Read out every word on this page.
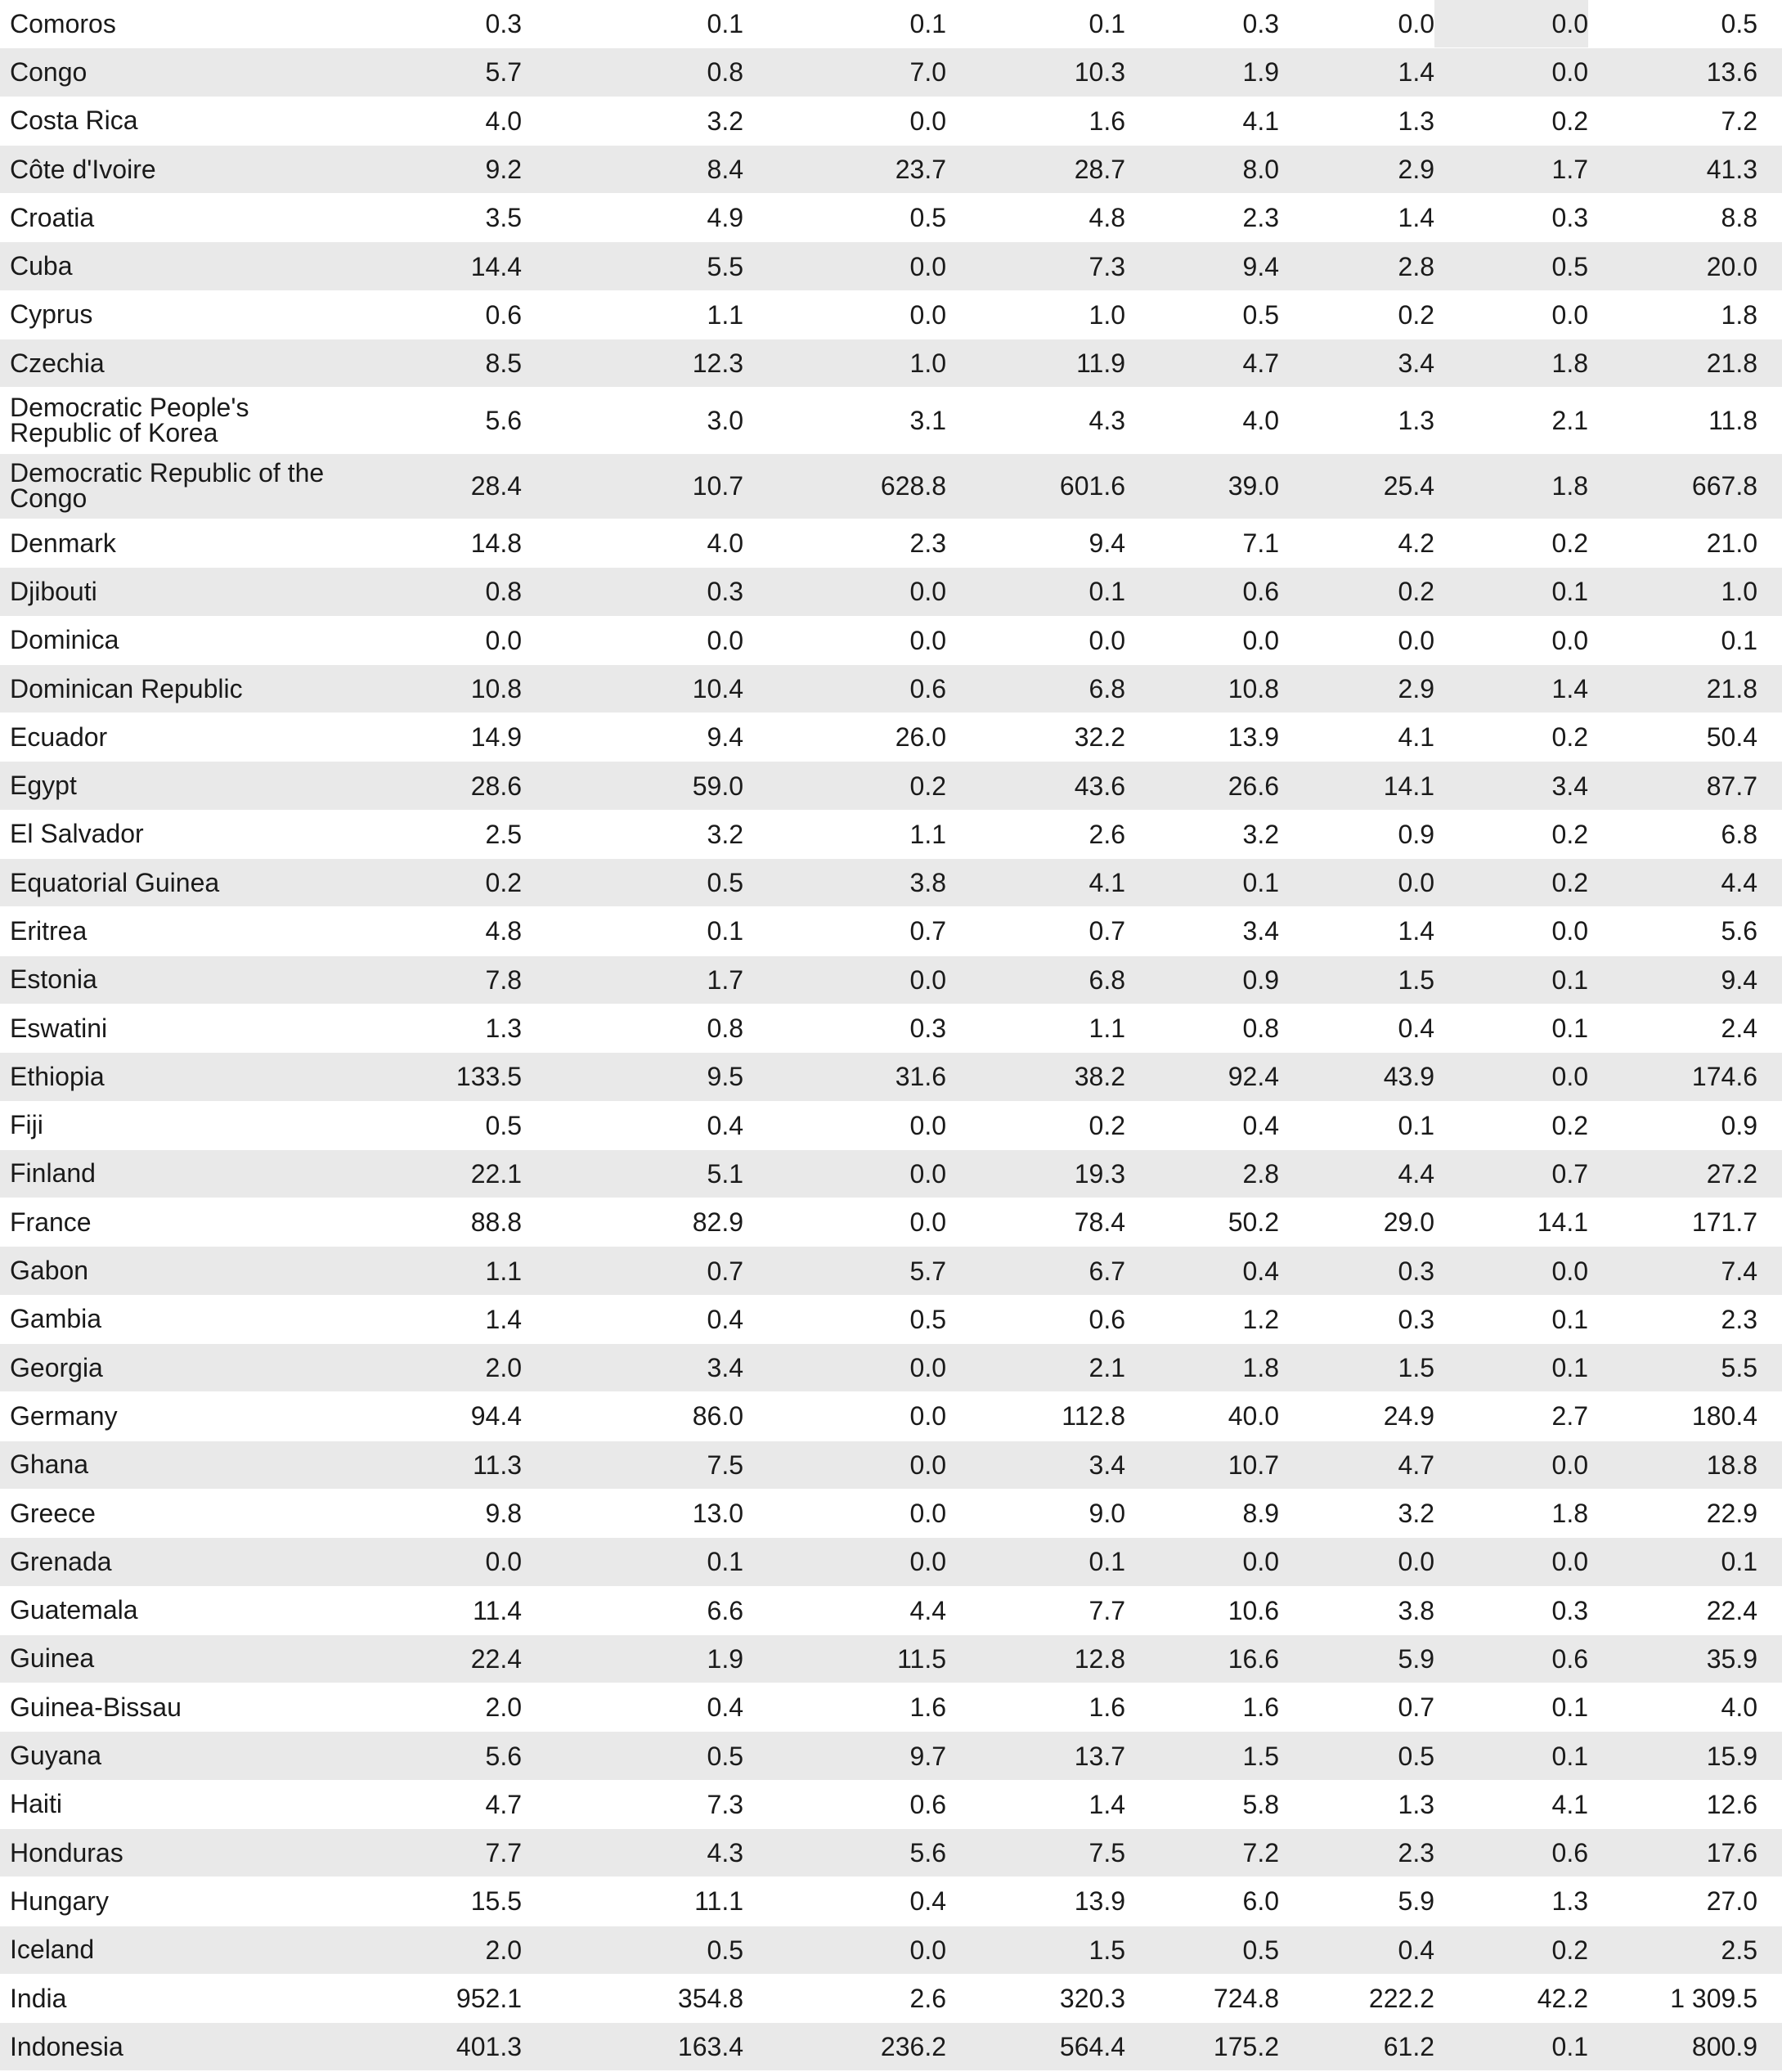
Comoros	0.3	0.1	0.1	0.1	0.3	0.0	0.0	0.5
Congo	5.7	0.8	7.0	10.3	1.9	1.4	0.0	13.6
Costa Rica	4.0	3.2	0.0	1.6	4.1	1.3	0.2	7.2
Côte d'Ivoire	9.2	8.4	23.7	28.7	8.0	2.9	1.7	41.3
Croatia	3.5	4.9	0.5	4.8	2.3	1.4	0.3	8.8
Cuba	14.4	5.5	0.0	7.3	9.4	2.8	0.5	20.0
Cyprus	0.6	1.1	0.0	1.0	0.5	0.2	0.0	1.8
Czechia	8.5	12.3	1.0	11.9	4.7	3.4	1.8	21.8
Democratic People's Republic of Korea	5.6	3.0	3.1	4.3	4.0	1.3	2.1	11.8
Democratic Republic of the Congo	28.4	10.7	628.8	601.6	39.0	25.4	1.8	667.8
Denmark	14.8	4.0	2.3	9.4	7.1	4.2	0.2	21.0
Djibouti	0.8	0.3	0.0	0.1	0.6	0.2	0.1	1.0
Dominica	0.0	0.0	0.0	0.0	0.0	0.0	0.0	0.1
Dominican Republic	10.8	10.4	0.6	6.8	10.8	2.9	1.4	21.8
Ecuador	14.9	9.4	26.0	32.2	13.9	4.1	0.2	50.4
Egypt	28.6	59.0	0.2	43.6	26.6	14.1	3.4	87.7
El Salvador	2.5	3.2	1.1	2.6	3.2	0.9	0.2	6.8
Equatorial Guinea	0.2	0.5	3.8	4.1	0.1	0.0	0.2	4.4
Eritrea	4.8	0.1	0.7	0.7	3.4	1.4	0.0	5.6
Estonia	7.8	1.7	0.0	6.8	0.9	1.5	0.1	9.4
Eswatini	1.3	0.8	0.3	1.1	0.8	0.4	0.1	2.4
Ethiopia	133.5	9.5	31.6	38.2	92.4	43.9	0.0	174.6
Fiji	0.5	0.4	0.0	0.2	0.4	0.1	0.2	0.9
Finland	22.1	5.1	0.0	19.3	2.8	4.4	0.7	27.2
France	88.8	82.9	0.0	78.4	50.2	29.0	14.1	171.7
Gabon	1.1	0.7	5.7	6.7	0.4	0.3	0.0	7.4
Gambia	1.4	0.4	0.5	0.6	1.2	0.3	0.1	2.3
Georgia	2.0	3.4	0.0	2.1	1.8	1.5	0.1	5.5
Germany	94.4	86.0	0.0	112.8	40.0	24.9	2.7	180.4
Ghana	11.3	7.5	0.0	3.4	10.7	4.7	0.0	18.8
Greece	9.8	13.0	0.0	9.0	8.9	3.2	1.8	22.9
Grenada	0.0	0.1	0.0	0.1	0.0	0.0	0.0	0.1
Guatemala	11.4	6.6	4.4	7.7	10.6	3.8	0.3	22.4
Guinea	22.4	1.9	11.5	12.8	16.6	5.9	0.6	35.9
Guinea-Bissau	2.0	0.4	1.6	1.6	1.6	0.7	0.1	4.0
Guyana	5.6	0.5	9.7	13.7	1.5	0.5	0.1	15.9
Haiti	4.7	7.3	0.6	1.4	5.8	1.3	4.1	12.6
Honduras	7.7	4.3	5.6	7.5	7.2	2.3	0.6	17.6
Hungary	15.5	11.1	0.4	13.9	6.0	5.9	1.3	27.0
Iceland	2.0	0.5	0.0	1.5	0.5	0.4	0.2	2.5
India	952.1	354.8	2.6	320.3	724.8	222.2	42.2	1 309.5
Indonesia	401.3	163.4	236.2	564.4	175.2	61.2	0.1	800.9
